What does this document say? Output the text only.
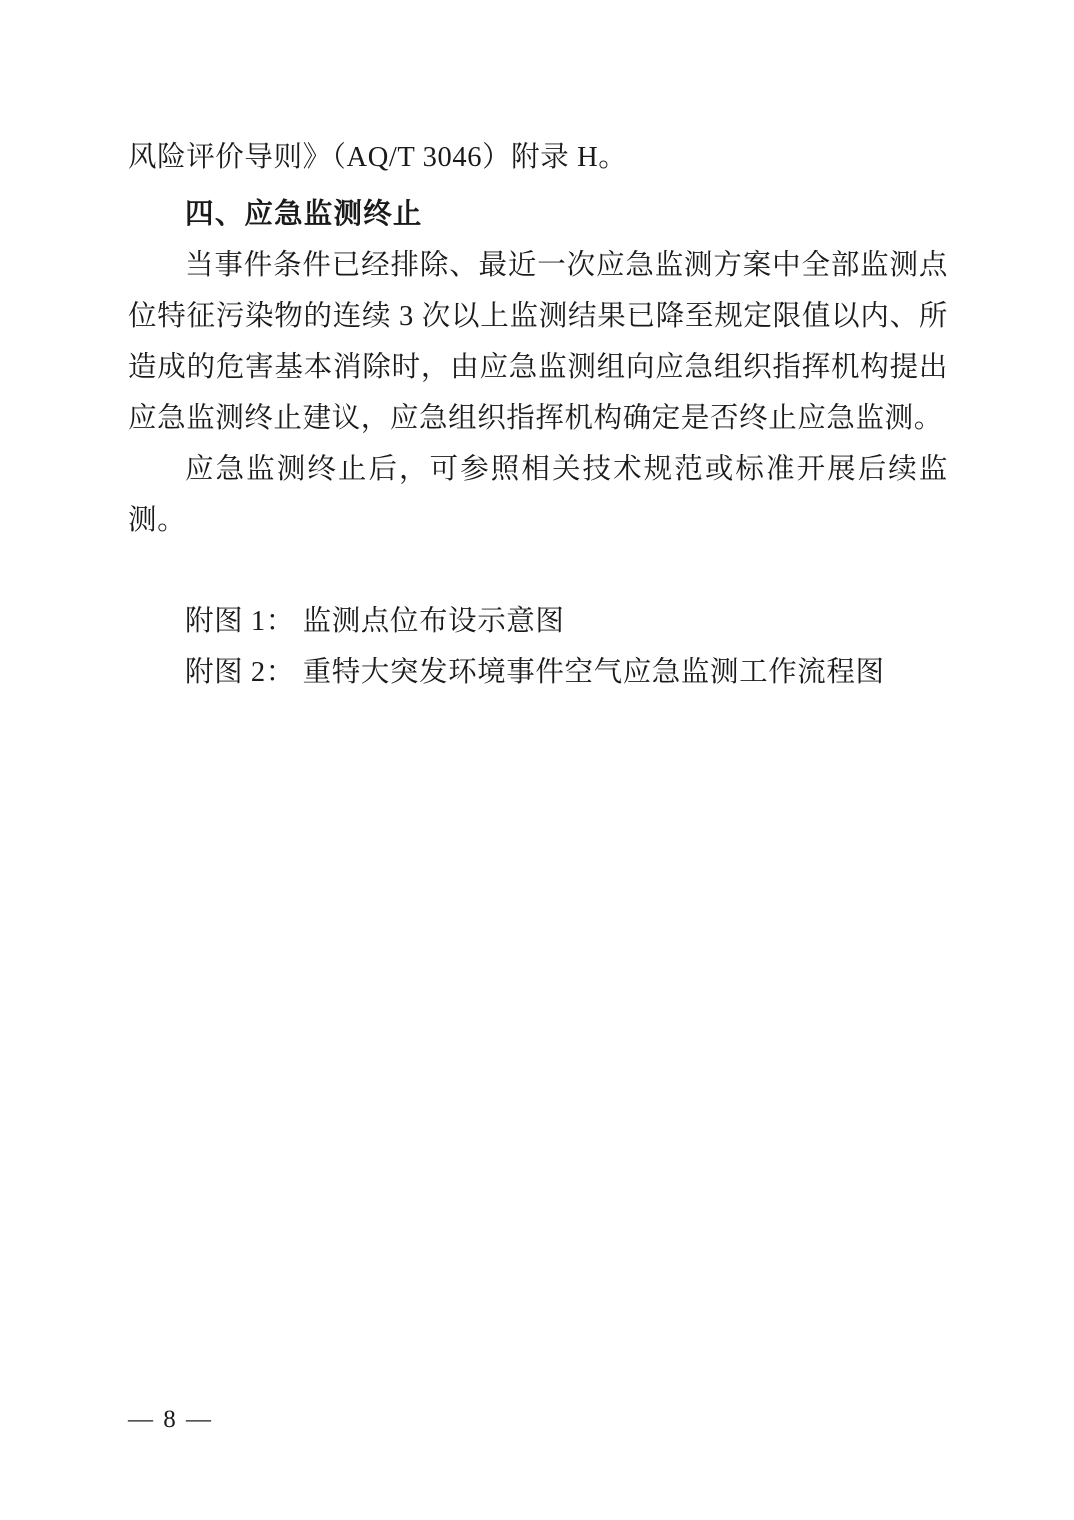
风险评价导则》（AQ/T 3046）附录 H。

四、应急监测终止

当事件条件已经排除、最近一次应急监测方案中全部监测点位特征污染物的连续 3 次以上监测结果已降至规定限值以内、所造成的危害基本消除时，由应急监测组向应急组织指挥机构提出应急监测终止建议，应急组织指挥机构确定是否终止应急监测。

应急监测终止后，可参照相关技术规范或标准开展后续监测。

附图 1： 监测点位布设示意图

附图 2： 重特大突发环境事件空气应急监测工作流程图

— 8 —
